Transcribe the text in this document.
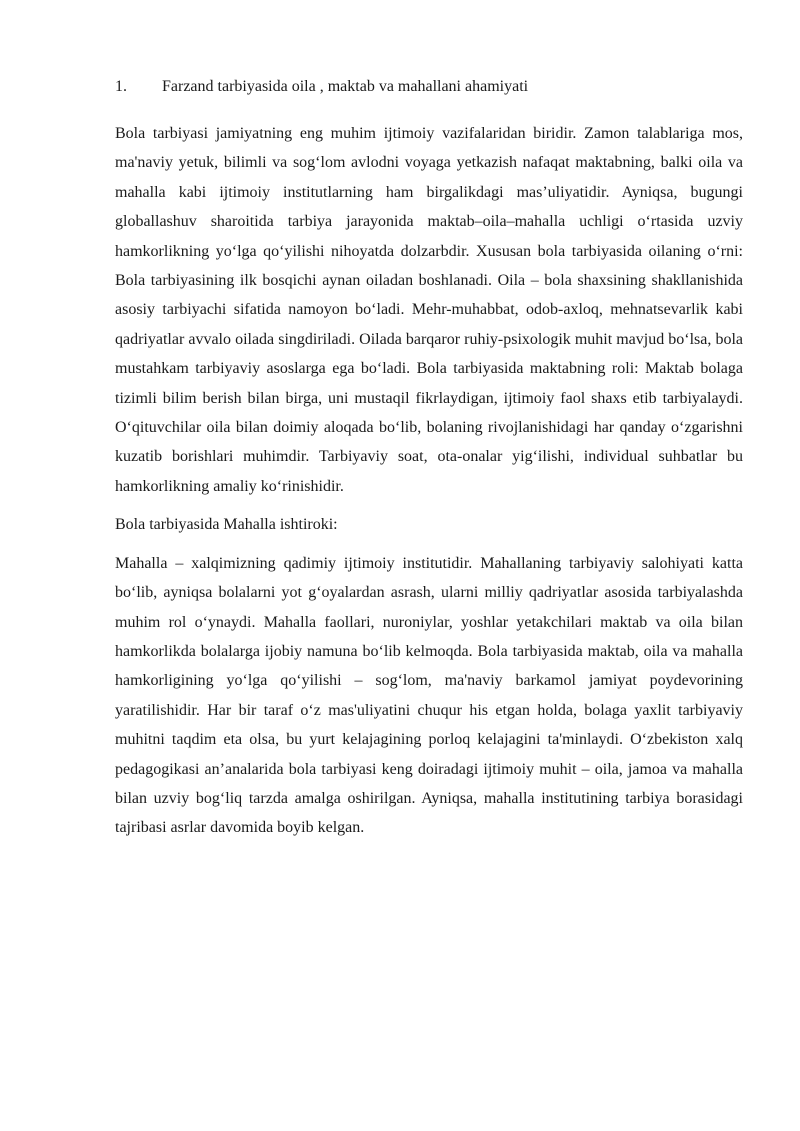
1.	Farzand tarbiyasida oila , maktab va mahallani ahamiyati

Bola tarbiyasi jamiyatning eng muhim ijtimoiy vazifalaridan biridir. Zamon talablariga mos, ma'naviy yetuk, bilimli va sog‘lom avlodni voyaga yetkazish nafaqat maktabning, balki oila va mahalla kabi ijtimoiy institutlarning ham birgalikdagi mas’uliyatidir. Ayniqsa, bugungi globallashuv sharoitida tarbiya jarayonida maktab–oila–mahalla uchligi o‘rtasida uzviy hamkorlikning yo‘lga qo‘yilishi nihoyatda dolzarbdir. Xususan bola tarbiyasida oilaning o‘rni: Bola tarbiyasining ilk bosqichi aynan oiladan boshlanadi. Oila – bola shaxsining shakllanishida asosiy tarbiyachi sifatida namoyon bo‘ladi. Mehr-muhabbat, odob-axloq, mehnatsevarlik kabi qadriyatlar avvalo oilada singdiriladi. Oilada barqaror ruhiy-psixologik muhit mavjud bo‘lsa, bola mustahkam tarbiyaviy asoslarga ega bo‘ladi. Bola tarbiyasida maktabning roli: Maktab bolaga tizimli bilim berish bilan birga, uni mustaqil fikrlaydigan, ijtimoiy faol shaxs etib tarbiyalaydi. O‘qituvchilar oila bilan doimiy aloqada bo‘lib, bolaning rivojlanishidagi har qanday o‘zgarishni kuzatib borishlari muhimdir. Tarbiyaviy soat, ota-onalar yig‘ilishi, individual suhbatlar bu hamkorlikning amaliy ko‘rinishidir.

Bola tarbiyasida Mahalla ishtiroki:

Mahalla – xalqimizning qadimiy ijtimoiy institutidir. Mahallaning tarbiyaviy salohiyati katta bo‘lib, ayniqsa bolalarni yot g‘oyalardan asrash, ularni milliy qadriyatlar asosida tarbiyalashda muhim rol o‘ynaydi. Mahalla faollari, nuroniylar, yoshlar yetakchilari maktab va oila bilan hamkorlikda bolalarga ijobiy namuna bo‘lib kelmoqda. Bola tarbiyasida maktab, oila va mahalla hamkorligining yo‘lga qo‘yilishi – sog‘lom, ma'naviy barkamol jamiyat poydevorining yaratilishidir. Har bir taraf o‘z mas'uliyatini chuqur his etgan holda, bolaga yaxlit tarbiyaviy muhitni taqdim eta olsa, bu yurt kelajagining porloq kelajagini ta'minlaydi. O‘zbekiston xalq pedagogikasi an’analarida bola tarbiyasi keng doiradagi ijtimoiy muhit – oila, jamoa va mahalla bilan uzviy bog‘liq tarzda amalga oshirilgan. Ayniqsa, mahalla institutining tarbiya borasidagi tajribasi asrlar davomida boyib kelgan.
